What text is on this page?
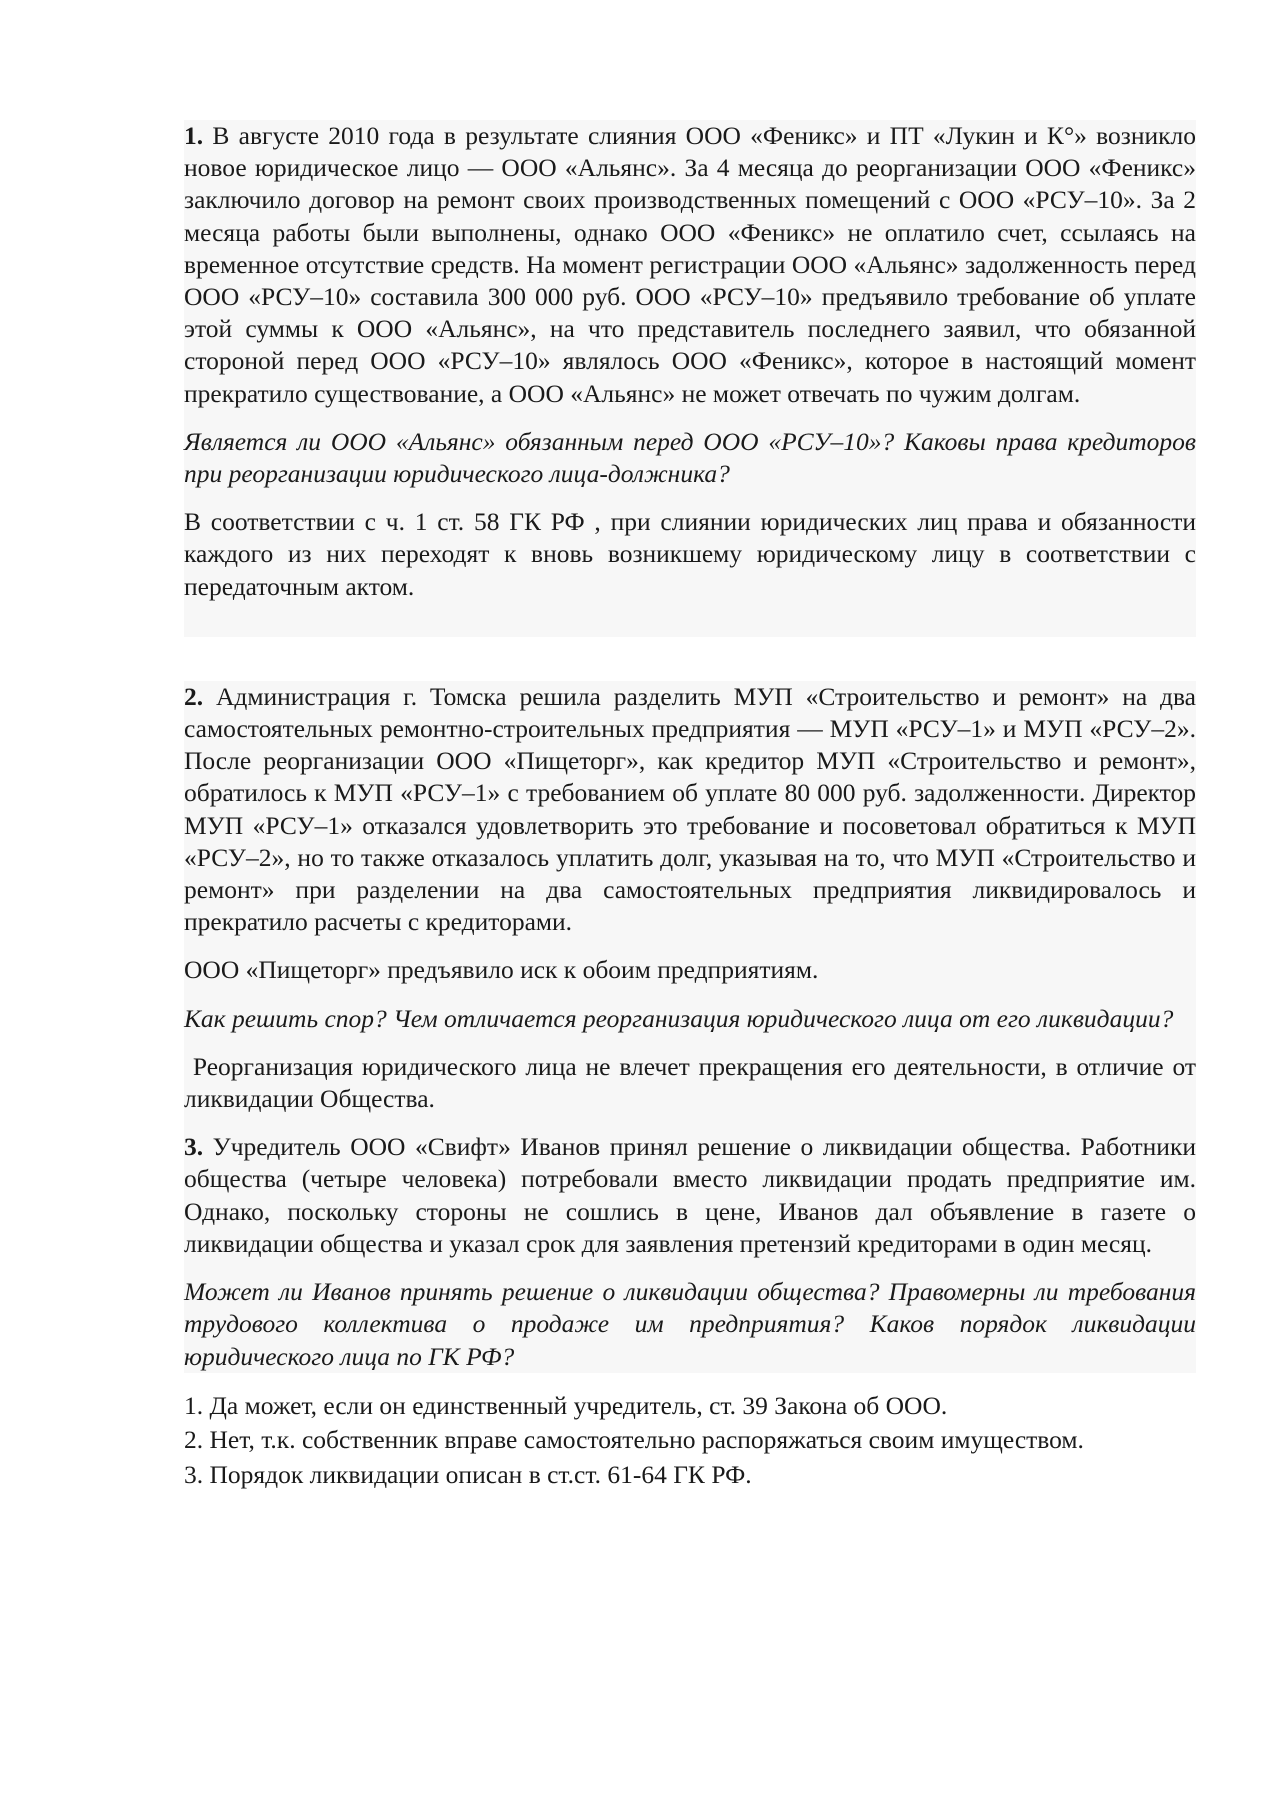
1. В августе 2010 года в результате слияния ООО «Феникс» и ПТ «Лукин и К°» возникло новое юридическое лицо — ООО «Альянс». За 4 месяца до реорганизации ООО «Феникс» заключило договор на ремонт своих производственных помещений с ООО «РСУ–10». За 2 месяца работы были выполнены, однако ООО «Феникс» не оплатило счет, ссылаясь на временное отсутствие средств. На момент регистрации ООО «Альянс» задолженность перед ООО «РСУ–10» составила 300 000 руб. ООО «РСУ–10» предъявило требование об уплате этой суммы к ООО «Альянс», на что представитель последнего заявил, что обязанной стороной перед ООО «РСУ–10» являлось ООО «Феникс», которое в настоящий момент прекратило существование, а ООО «Альянс» не может отвечать по чужим долгам.

Является ли ООО «Альянс» обязанным перед ООО «РСУ–10»? Каковы права кредиторов при реорганизации юридического лица-должника?

В соответствии с ч. 1 ст. 58 ГК РФ , при слиянии юридических лиц права и обязанности каждого из них переходят к вновь возникшему юридическому лицу в соответствии с передаточным актом.

2. Администрация г. Томска решила разделить МУП «Строительство и ремонт» на два самостоятельных ремонтно-строительных предприятия — МУП «РСУ–1» и МУП «РСУ–2». После реорганизации ООО «Пищеторг», как кредитор МУП «Строительство и ремонт», обратилось к МУП «РСУ–1» с требованием об уплате 80 000 руб. задолженности. Директор МУП «РСУ–1» отказался удовлетворить это требование и посоветовал обратиться к МУП «РСУ–2», но то также отказалось уплатить долг, указывая на то, что МУП «Строительство и ремонт» при разделении на два самостоятельных предприятия ликвидировалось и прекратило расчеты с кредиторами.

ООО «Пищеторг» предъявило иск к обоим предприятиям.

Как решить спор? Чем отличается реорганизация юридического лица от его ликвидации?

Реорганизация юридического лица не влечет прекращения его деятельности, в отличие от ликвидации Общества.

3. Учредитель ООО «Свифт» Иванов принял решение о ликвидации общества. Работники общества (четыре человека) потребовали вместо ликвидации продать предприятие им. Однако, поскольку стороны не сошлись в цене, Иванов дал объявление в газете о ликвидации общества и указал срок для заявления претензий кредиторами в один месяц.

Может ли Иванов принять решение о ликвидации общества? Правомерны ли требования трудового коллектива о продаже им предприятия? Каков порядок ликвидации юридического лица по ГК РФ?

1. Да может, если он единственный учредитель, ст. 39 Закона об ООО.

2. Нет, т.к. собственник вправе самостоятельно распоряжаться своим имуществом.

3. Порядок ликвидации описан в ст.ст. 61-64 ГК РФ.
